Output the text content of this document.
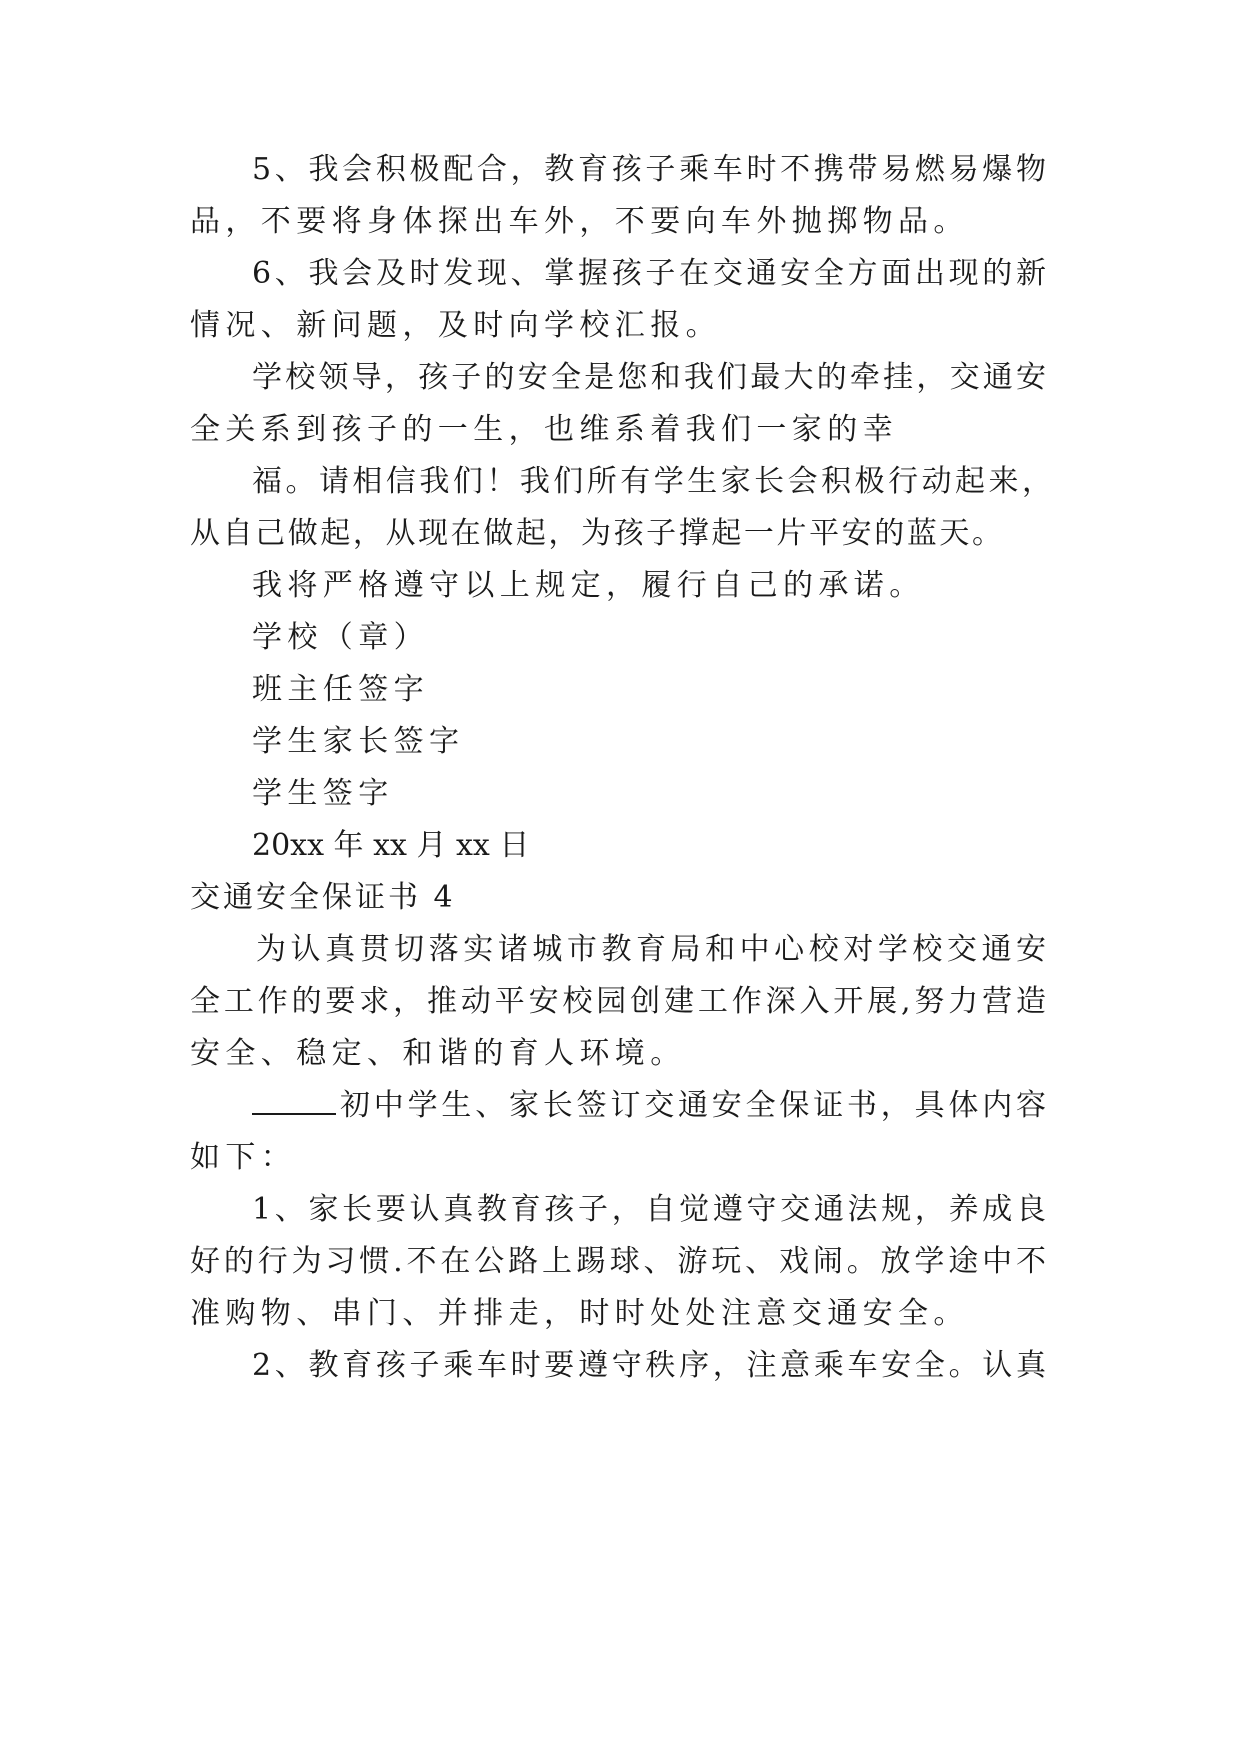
5、我会积极配合，教育孩子乘车时不携带易燃易爆物
品，不要将身体探出车外，不要向车外抛掷物品。
6、我会及时发现、掌握孩子在交通安全方面出现的新
情况、新问题，及时向学校汇报。
学校领导，孩子的安全是您和我们最大的牵挂，交通安
全关系到孩子的一生，也维系着我们一家的幸
福。请相信我们！我们所有学生家长会积极行动起来，
从自己做起，从现在做起，为孩子撑起一片平安的蓝天。
我将严格遵守以上规定，履行自己的承诺。
学校（章）
班主任签字
学生家长签字
学生签字
20xx 年 xx 月 xx 日
交通安全保证书 4
为认真贯切落实诸城市教育局和中心校对学校交通安
全工作的要求，推动平安校园创建工作深入开展,努力营造
安全、稳定、和谐的育人环境。
初中学生、家长签订交通安全保证书，具体内容
如下：
1、家长要认真教育孩子，自觉遵守交通法规，养成良
好的行为习惯.不在公路上踢球、游玩、戏闹。放学途中不
准购物、串门、并排走，时时处处注意交通安全。
2、教育孩子乘车时要遵守秩序，注意乘车安全。认真
